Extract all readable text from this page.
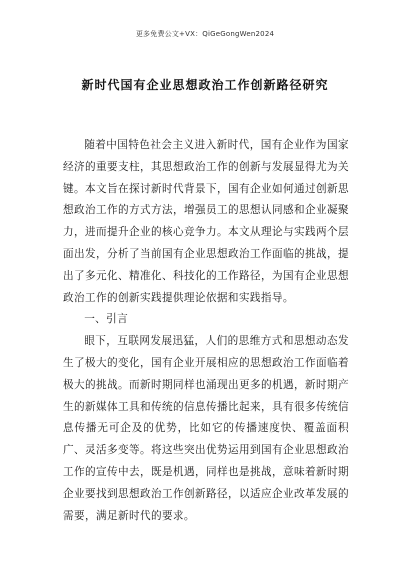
更多免费公文+VX：QiGeGongWen2024
新时代国有企业思想政治工作创新路径研究

随着中国特色社会主义进入新时代，国有企业作为国家经济的重要支柱，其思想政治工作的创新与发展显得尤为关键。本文旨在探讨新时代背景下，国有企业如何通过创新思想政治工作的方式方法，增强员工的思想认同感和企业凝聚力，进而提升企业的核心竞争力。本文从理论与实践两个层面出发，分析了当前国有企业思想政治工作面临的挑战，提出了多元化、精准化、科技化的工作路径，为国有企业思想政治工作的创新实践提供理论依据和实践指导。

一、引言

眼下，互联网发展迅猛，人们的思维方式和思想动态发生了极大的变化，国有企业开展相应的思想政治工作面临着极大的挑战。而新时期同样也涌现出更多的机遇，新时期产生的新媒体工具和传统的信息传播比起来，具有很多传统信息传播无可企及的优势，比如它的传播速度快、覆盖面积广、灵活多变等。将这些突出优势运用到国有企业思想政治工作的宣传中去，既是机遇，同样也是挑战，意味着新时期企业要找到思想政治工作创新路径，以适应企业改革发展的需要，满足新时代的要求。
